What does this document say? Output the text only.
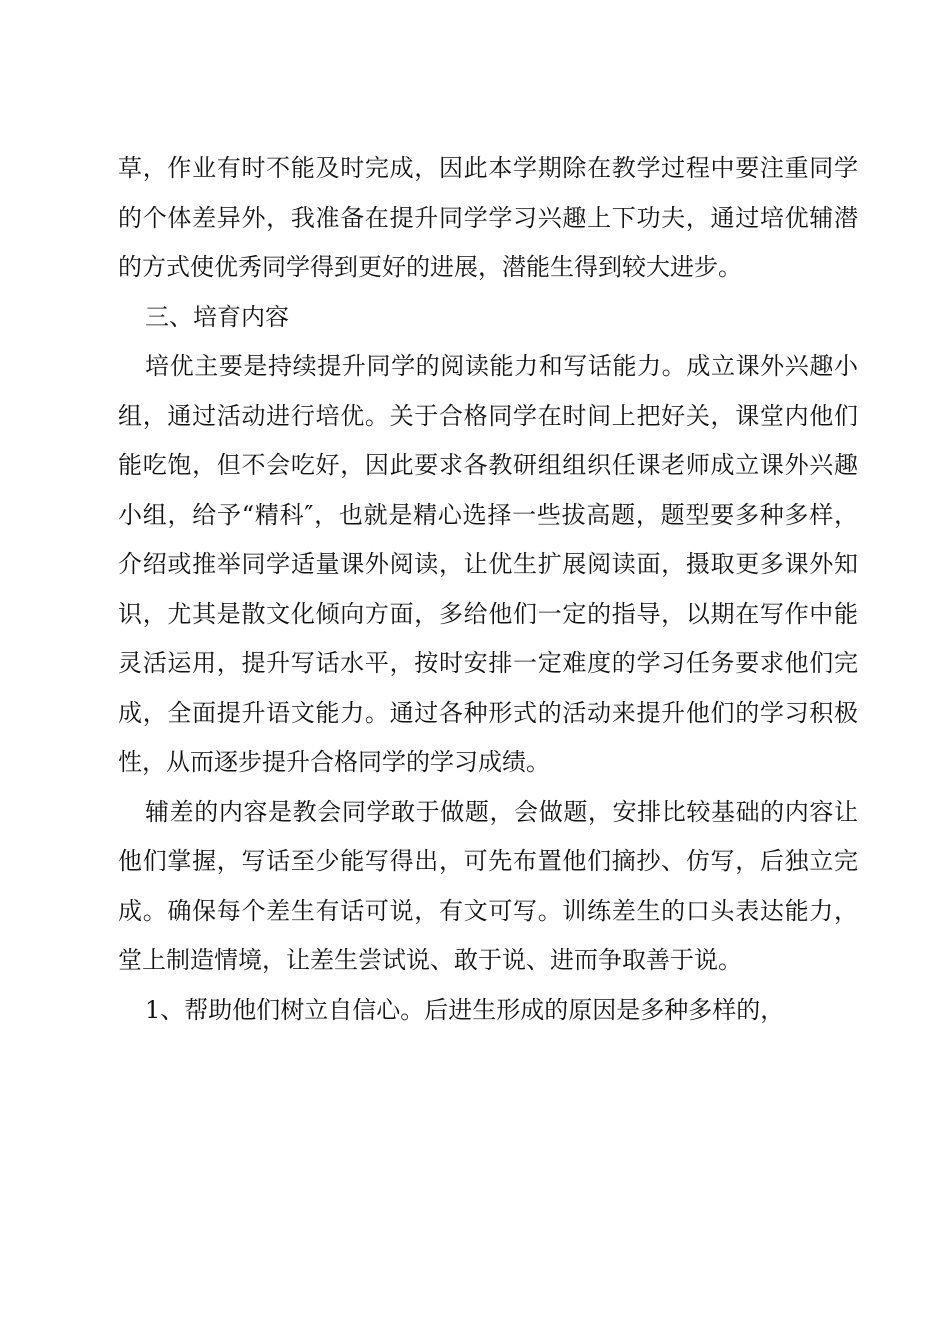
草，作业有时不能及时完成，因此本学期除在教学过程中要注重同学的个体差异外，我准备在提升同学学习兴趣上下功夫，通过培优辅潜的方式使优秀同学得到更好的进展，潜能生得到较大进步。

三、培育内容

培优主要是持续提升同学的阅读能力和写话能力。成立课外兴趣小组，通过活动进行培优。关于合格同学在时间上把好关，课堂内他们能吃饱，但不会吃好，因此要求各教研组组织任课老师成立课外兴趣小组，给予“精科″，也就是精心选择一些拔高题，题型要多种多样，介绍或推举同学适量课外阅读，让优生扩展阅读面，摄取更多课外知识，尤其是散文化倾向方面，多给他们一定的指导，以期在写作中能灵活运用，提升写话水平，按时安排一定难度的学习任务要求他们完成，全面提升语文能力。通过各种形式的活动来提升他们的学习积极性，从而逐步提升合格同学的学习成绩。

辅差的内容是教会同学敢于做题，会做题，安排比较基础的内容让他们掌握，写话至少能写得出，可先布置他们摘抄、仿写，后独立完成。确保每个差生有话可说，有文可写。训练差生的口头表达能力，堂上制造情境，让差生尝试说、敢于说、进而争取善于说。

1、帮助他们树立自信心。后进生形成的原因是多种多样的，
